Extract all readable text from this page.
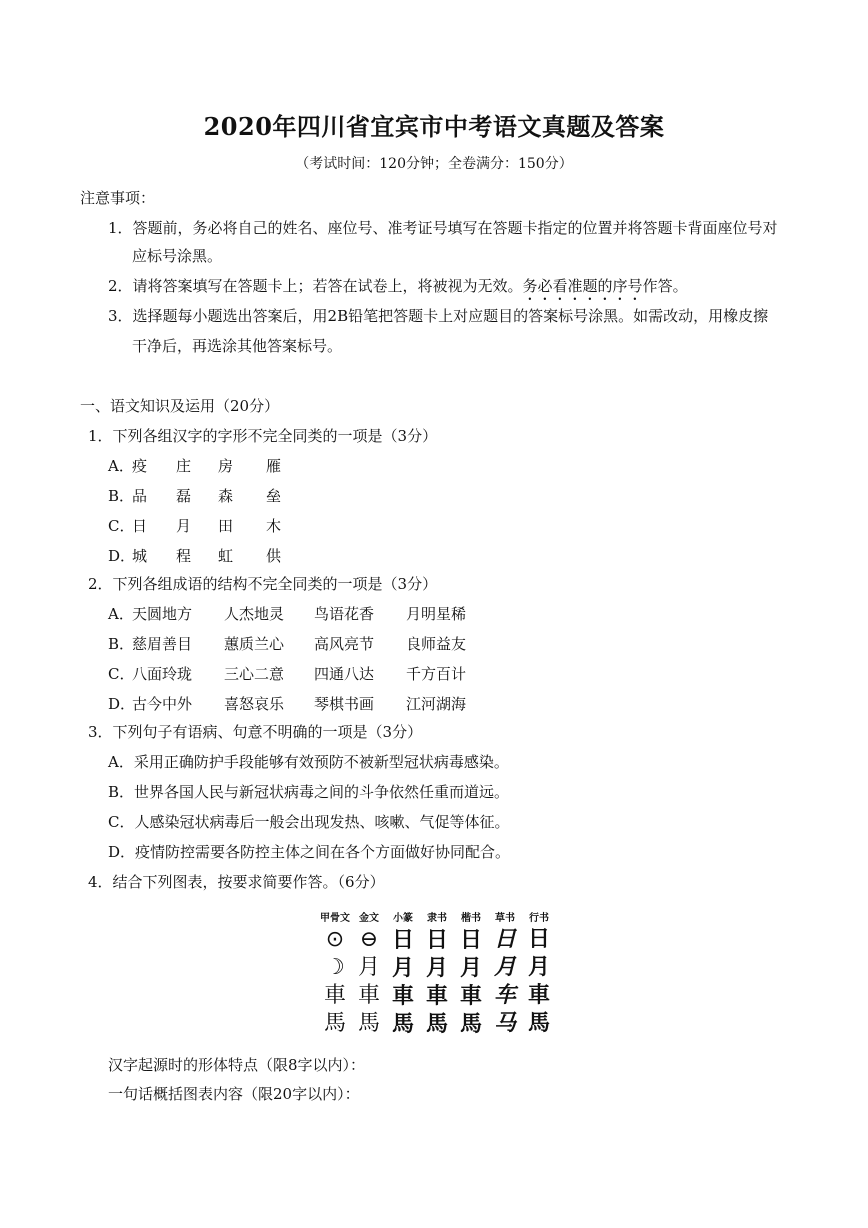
2020年四川省宜宾市中考语文真题及答案
（考试时间：120分钟；全卷满分：150分）
注意事项：
1．答题前，务必将自己的姓名、座位号、准考证号填写在答题卡指定的位置并将答题卡背面座位号对
应标号涂黑。
2．请将答案填写在答题卡上；若答在试卷上，将被视为无效。务必看准题的序号作答。
3．选择题每小题选出答案后，用2B铅笔把答题卡上对应题目的答案标号涂黑。如需改动，用橡皮擦
干净后，再选涂其他答案标号。
一、语文知识及运用（20分）
1．下列各组汉字的字形不完全同类的一项是（3分）
A．
疫 庄 房 雁
B．
品 磊 森 垒
C．
日 月 田 木
D．
城 程 虹 供
2．下列各组成语的结构不完全同类的一项是（3分）
A．
天圆地方 人杰地灵 鸟语花香 月明星稀
B．
慈眉善目 蕙质兰心 高风亮节 良师益友
C．
八面玲珑 三心二意 四通八达 千方百计
D．
古今中外 喜怒哀乐 琴棋书画 江河湖海
3．下列句子有语病、句意不明确的一项是（3分）
A．采用正确防护手段能够有效预防不被新型冠状病毒感染。
B．世界各国人民与新冠状病毒之间的斗争依然任重而道远。
C．人感染冠状病毒后一般会出现发热、咳嗽、气促等体征。
D．疫情防控需要各防控主体之间在各个方面做好协同配合。
4．结合下列图表，按要求简要作答。（6分）
甲骨文 金文	小篆	隶书	楷书	草书	行书
⊙ ⊖ 日 日 日 日 日
☽ 月 月 月 月 月 月
車 車 車 車 車 车 車
馬 馬 馬 馬 馬 马 馬
汉字起源时的形体特点（限8字以内）：
一句话概括图表内容（限20字以内）：
